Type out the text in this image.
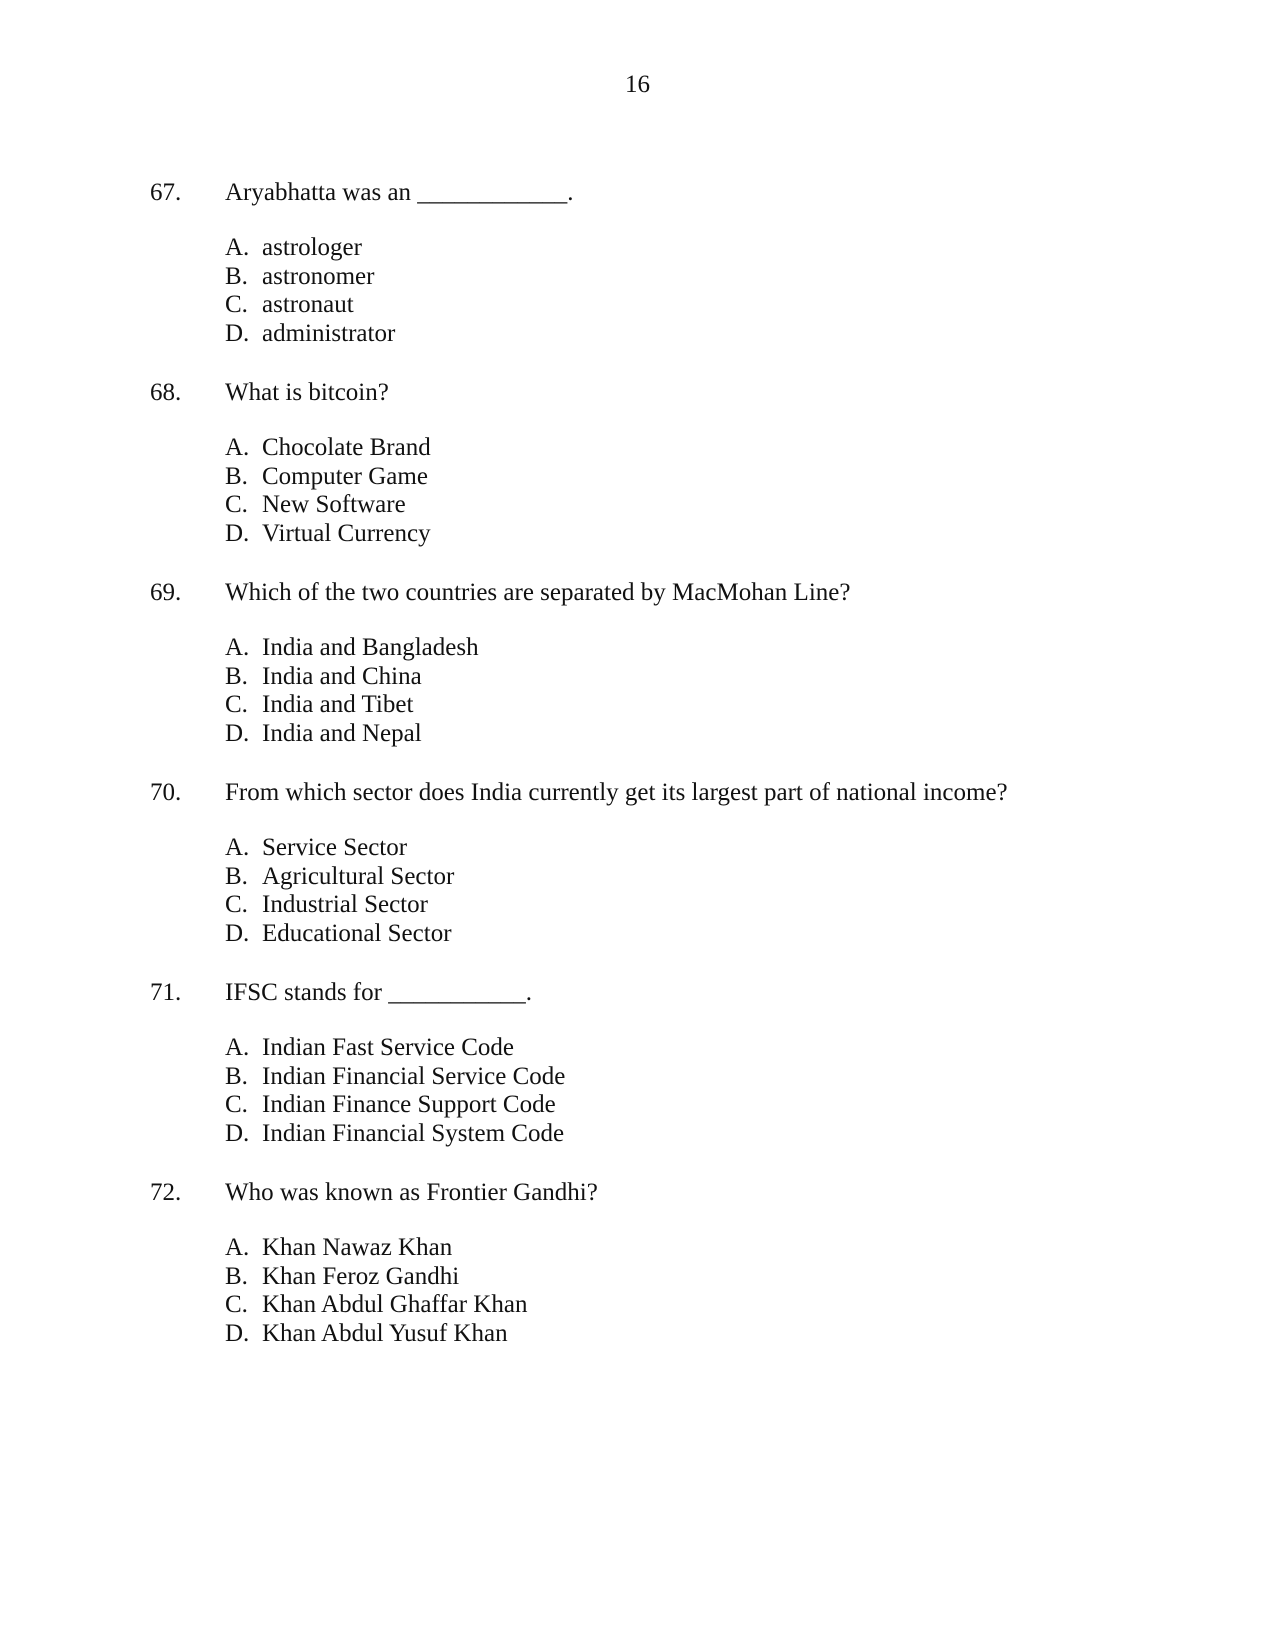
16
67. Aryabhatta was an ____________.
A. astrologer
B. astronomer
C. astronaut
D. administrator
68. What is bitcoin?
A. Chocolate Brand
B. Computer Game
C. New Software
D. Virtual Currency
69. Which of the two countries are separated by MacMohan Line?
A. India and Bangladesh
B. India and China
C. India and Tibet
D. India and Nepal
70. From which sector does India currently get its largest part of national income?
A. Service Sector
B. Agricultural Sector
C. Industrial Sector
D. Educational Sector
71. IFSC stands for ___________.
A. Indian Fast Service Code
B. Indian Financial Service Code
C. Indian Finance Support Code
D. Indian Financial System Code
72. Who was known as Frontier Gandhi?
A. Khan Nawaz Khan
B. Khan Feroz Gandhi
C. Khan Abdul Ghaffar Khan
D. Khan Abdul Yusuf Khan
